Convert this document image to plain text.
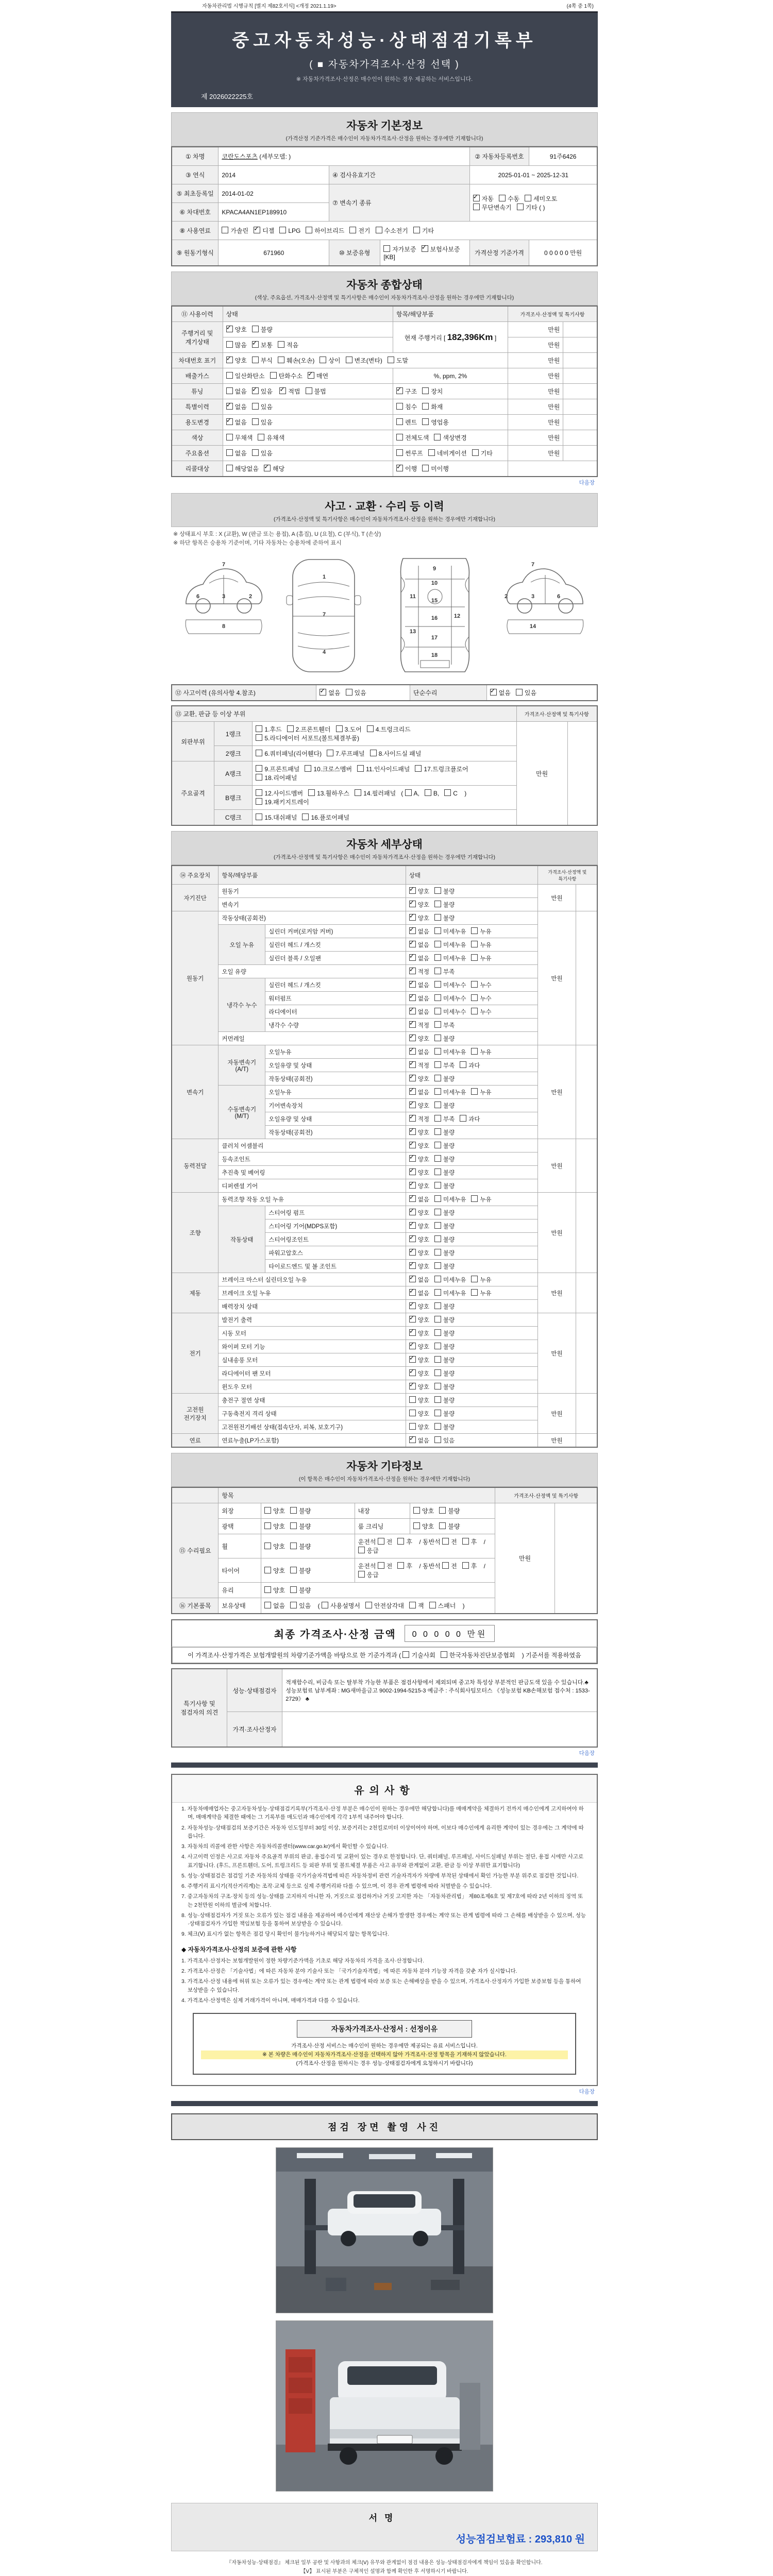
자동차관리법 시행규칙 [별지 제82호서식] <개정 2021.1.19>	(4쪽 중 1쪽)
중고자동차성능·상태점검기록부
( ■ 자동차가격조사·산정 선택 )
※ 자동차가격조사·산정은 매수인이 원하는 경우 제공하는 서비스입니다.
제 2026022225호
자동차 기본정보
(가격산정 기준가격은 매수인이 자동차가격조사·산정을 원하는 경우에만 기재합니다)
① 차명	코란도스포츠 (세부모델: )			② 자동차등록번호	91주6426
③ 연식	2014	④ 검사유효기간		2025-01-01 ~ 2025-12-31	
⑤ 최초등록일	2014-01-02	⑦ 변속기 종류	✓자동 수동 세미오토
무단변속기 기타 ( )
⑥ 차대번호	KPACA4AN1EP189910				
⑧ 사용연료	가솔린 ✓ 디젤 LPG 하이브리드 전기 수소전기 기타
⑨ 원동기형식	671960	⑩ 보증유형	자가보증 ✓ 보험사보증 [KB]	가격산정 기준가격	0 0 0 0 0 만원
자동차 종합상태
(색상, 주요옵션, 가격조사·산정액 및 특기사항은 매수인이 자동차가격조사·산정을 원하는 경우에만 기재합니다)
⑪ 사용이력	상태	항목/해당부품	가격조사·산정액 및 특기사항	
주행거리 및
계기상태	✓양호 불량	현재 주행거리 [ 182,396Km ]	만원	
	많음 ✓ 보통 적음		만원	
차대번호 표기	✓양호 부식 훼손(오손) 상이 변조(변타) 도말		만원	
배출가스	일산화탄소 탄화수소 ✓ 매연	%, ppm, 2%	만원	
튜닝	없음 ✓ 있음 ✓ 적법 불법	✓구조 장치	만원	
특별이력	✓없음 있음	침수 화재	만원	
용도변경	✓없음 있음	렌트 영업용	만원	
색상	무채색 유채색	전체도색 색상변경	만원	
주요옵션	없음 있음	썬루프 네비게이션 기타	만원	
리콜대상	해당없음 ✓ 해당	✓이행 미이행	
다음장
사고 · 교환 · 수리 등 이력
(가격조사·산정액 및 특기사항은 매수인이 자동차가격조사·산정을 원하는 경우에만 기재합니다)
※ 상태표시 부호 : X (교환), W (판금 또는 용접), A (흠집), U (요철), C (부식), T (손상)
※ 하단 항목은 승용차 기준이며, 기타 자동차는 승용차에 준하여 표시
7
2
3
6
8
1
7
4
9
10
11
15
12
16
13
17
18
7
2	3	6
14
⑫ 사고이력 (유의사항 4.참조)	✓없음 있음	단순수리	✓없음 있음
⑬ 교환, 판금 등 이상 부위			가격조사·산정액 및 특기사항	
외판부위	1랭크	1.후드 2.프론트휀더 3.도어 4.트렁크리드
5.라디에이터 서포트(볼트체결부품)	만원	
	2랭크	6.쿼터패널(리어휀다) 7.루프패널 8.사이드실 패널		
주요골격	A랭크	9.프론트패널 10.크로스멤버 11.인사이드패널 17.트렁크플로어
18.리어패널		
	B랭크	12.사이드멤버 13.휠하우스 14.필러패널 ( A, B, C )
19.패키지트레이		
	C랭크	15.대쉬패널 16.플로어패널		
자동차 세부상태
(가격조사·산정액 및 특기사항은 매수인이 자동차가격조사·산정을 원하는 경우에만 기재합니다)
⑭ 주요장치	항목/해당부품		상태	가격조사·산정액 및 특기사항	
자기진단	원동기	✓양호 불량	만원	
	변속기	✓양호 불량
원동기	작동상태(공회전)	✓양호 불량	만원	
	오일 누유	실린더 커버(로커암 커버)	✓없음 미세누유 누유
		실린더 헤드 / 개스킷	✓없음 미세누유 누유
		실린더 블록 / 오일팬	✓없음 미세누유 누유
	오일 유량	✓적정 부족
	냉각수 누수	실린더 헤드 / 개스킷	✓없음 미세누수 누수
		워터펌프	✓없음 미세누수 누수
		라디에이터	✓없음 미세누수 누수
		냉각수 수량	✓적정 부족
	커먼레일	✓양호 불량
변속기	자동변속기
(A/T)	오일누유	✓없음 미세누유 누유	만원	
		오일유량 및 상태	✓적정 부족 과다
		작동상태(공회전)	✓양호 불량
	수동변속기
(M/T)	오일누유	✓없음 미세누유 누유
		기어변속장치	✓양호 불량
		오일유량 및 상태	✓적정 부족 과다
		작동상태(공회전)	✓양호 불량
동력전달	클러치 어셈블리	✓양호 불량	만원	
	등속조인트	✓양호 불량
	추진축 및 베어링	✓양호 불량
	디퍼렌셜 기어	✓양호 불량
조향	동력조향 작동 오일 누유	✓없음 미세누유 누유	만원	
	작동상태	스티어링 펌프	✓양호 불량
		스티어링 기어(MDPS포함)	✓양호 불량
		스티어링조인트	✓양호 불량
		파워고압호스	✓양호 불량
		타이로드엔드 및 볼 조인트	✓양호 불량
제동	브레이크 마스터 실린더오일 누유	✓없음 미세누유 누유	만원	
	브레이크 오일 누유	✓없음 미세누유 누유
	배력장치 상태	✓양호 불량
전기	발전기 출력	✓양호 불량	만원	
	시동 모터	✓양호 불량
	와이퍼 모터 기능	✓양호 불량
	실내송풍 모터	✓양호 불량
	라디에이터 팬 모터	✓양호 불량
	윈도우 모터	✓양호 불량
고전원
전기장치	충전구 절연 상태		양호 불량	만원	
	구동축전지 격리 상태		양호 불량		
	고전원전기배선 상태(접속단자, 피복, 보호기구)		양호 불량		
연료	연료누출(LP가스포함)	✓없음 있음	만원	
자동차 기타정보
(이 항목은 매수인이 자동차가격조사·산정을 원하는 경우에만 기재합니다)
	항목				가격조사·산정액 및 특기사항	
⑮ 수리필요	외장	양호 불량	내장	양호 불량	만원	
	광택	양호 불량	룸 크리닝	양호 불량		
	휠	양호 불량	운전석 전 후 / 동반석 전 후 / 응급			
	타이어	양호 불량	운전석 전 후 / 동반석 전 후 / 응급			
	유리	양호 불량				
⑯ 기본품목	보유상태	없음 있음 ( 사용설명서 안전삼각대 잭 스패너 )				
최종 가격조사·산정 금액	0 0 0 0 0 만원
이 가격조사·산정가격은 보험개발원의 차량기준가액을 바탕으로 한 기준가격과 ( 기술사회 한국자동차진단보증협회 ) 기준서를 적용하였음
특기사항 및
점검자의 의견	성능·상태점검자	적재함수리, 비금속 또는 탈부착 가능한 부품은 점검사항에서 제외되며 중고차 특성상 부분적인 판금도색 있을 수 있습니다.♣ 성능보험료 납부계좌 : MG새마을금고 9002-1994-5215-3 예금주 : 주식회사팀모터스 《성능보험 KB손해보험 접수처 : 1533-2729》 ♣
	가격·조사산정자	
다음장
유의사항
1. 자동차매매업자는 중고자동차성능·상태점검기록부(가격조사·산정 부분은 매수인이 원하는 경우에만 해당합니다)를 매매계약을 체결하기 전까지 매수인에게 고지하여야 하며, 매매계약을 체결한 때에는 그 기록부를 매도인과 매수인에게 각각 1부씩 내주어야 합니다.
2. 자동차성능·상태점검의 보증기간은 자동차 인도일부터 30일 이상, 보증거리는 2천킬로미터 이상이어야 하며, 이보다 매수인에게 유리한 계약이 있는 경우에는 그 계약에 따릅니다.
3. 자동차의 리콜에 관한 사항은 자동차리콜센터(www.car.go.kr)에서 확인할 수 있습니다.
4. 사고이력 인정은 사고로 자동차 주요골격 부위의 판금, 용접수리 및 교환이 있는 경우로 한정합니다. 단, 쿼터패널, 루프패널, 사이드실패널 부위는 절단, 용접 시에만 사고로 표기합니다. (후드, 프론트휀더, 도어, 트렁크리드 등 외판 부위 및 볼트체결 부품은 사고 유무와 관계없이 교환, 판금 등 이상 부위만 표기합니다)
5. 성능·상태점검은 점검일 기준 자동차의 상태를 국가기술자격법에 따른 자동차정비 관련 기술자격자가 차량에 부착된 상태에서 확인 가능한 부분 위주로 점검한 것입니다.
6. 주행거리 표시기(적산거리계)는 조작·교체 등으로 실제 주행거리와 다를 수 있으며, 이 경우 관계 법령에 따라 처벌받을 수 있습니다.
7. 중고자동차의 구조·장치 등의 성능·상태를 고지하지 아니한 자, 거짓으로 점검하거나 거짓 고지한 자는 「자동차관리법」 제80조제6호 및 제7호에 따라 2년 이하의 징역 또는 2천만원 이하의 벌금에 처합니다.
8. 성능·상태점검자가 거짓 또는 오류가 있는 점검 내용을 제공하여 매수인에게 재산상 손해가 발생한 경우에는 계약 또는 관계 법령에 따라 그 손해를 배상받을 수 있으며, 성능·상태점검자가 가입한 책임보험 등을 통하여 보상받을 수 있습니다.
9. 체크(Ⅴ) 표시가 없는 항목은 점검 당시 확인이 불가능하거나 해당되지 않는 항목입니다.
◆ 자동차가격조사·산정의 보증에 관한 사항
1. 가격조사·산정자는 보험개발원이 정한 차량기준가액을 기초로 해당 자동차의 가격을 조사·산정합니다.
2. 가격조사·산정은 「기술사법」에 따른 자동차 분야 기술사 또는 「국가기술자격법」에 따른 자동차 분야 기능장 자격을 갖춘 자가 실시합니다.
3. 가격조사·산정 내용에 허위 또는 오류가 있는 경우에는 계약 또는 관계 법령에 따라 보증 또는 손해배상을 받을 수 있으며, 가격조사·산정자가 가입한 보증보험 등을 통하여 보상받을 수 있습니다.
4. 가격조사·산정액은 실제 거래가격이 아니며, 매매가격과 다를 수 있습니다.
자동차가격조사·산정서 : 선정이유
가격조사·산정 서비스는 매수인이 원하는 경우에만 제공되는 유료 서비스입니다.
※ 본 차량은 매수인이 자동차가격조사·산정을 선택하지 않아 가격조사·산정 항목을 기재하지 않았습니다.
(가격조사·산정을 원하시는 경우 성능·상태점검자에게 요청하시기 바랍니다)
다음장
점검 장면 촬영 사진
서명
성능점검보험료 : 293,810 원
『자동차성능·상태점검』 체크된 일부 공란 및 사항과의 체크(Ⅴ) 유무와 관계없이 점검 내용은 성능·상태점검자에게 책임이 있음을 확인합니다.
【Ⅴ】 표시된 부분은 구체적인 설명과 함께 확인한 후 서명하시기 바랍니다.
